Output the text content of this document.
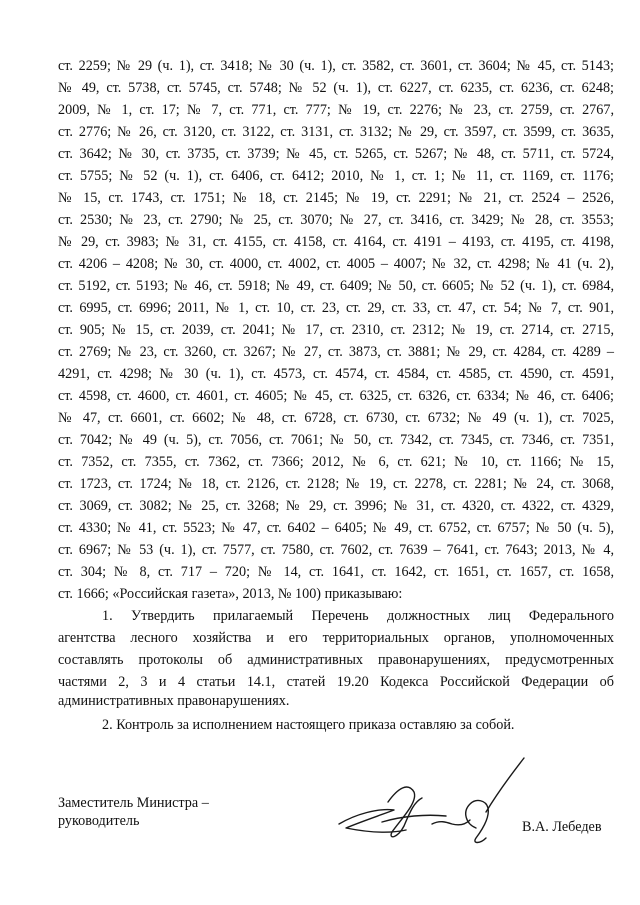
ст. 2259; № 29 (ч. 1), ст. 3418; № 30 (ч. 1), ст. 3582, ст. 3601, ст. 3604; № 45, ст. 5143;
№ 49, ст. 5738, ст. 5745, ст. 5748; № 52 (ч. 1), ст. 6227, ст. 6235, ст. 6236, ст. 6248;
2009, № 1, ст. 17; № 7, ст. 771, ст. 777; № 19, ст. 2276; № 23, ст. 2759, ст. 2767,
ст. 2776; № 26, ст. 3120, ст. 3122, ст. 3131, ст. 3132; № 29, ст. 3597, ст. 3599, ст. 3635,
ст. 3642; № 30, ст. 3735, ст. 3739; № 45, ст. 5265, ст. 5267; № 48, ст. 5711, ст. 5724,
ст. 5755; № 52 (ч. 1), ст. 6406, ст. 6412; 2010, № 1, ст. 1; № 11, ст. 1169, ст. 1176;
№ 15, ст. 1743, ст. 1751; № 18, ст. 2145; № 19, ст. 2291; № 21, ст. 2524 – 2526,
ст. 2530; № 23, ст. 2790; № 25, ст. 3070; № 27, ст. 3416, ст. 3429; № 28, ст. 3553;
№ 29, ст. 3983; № 31, ст. 4155, ст. 4158, ст. 4164, ст. 4191 – 4193, ст. 4195, ст. 4198,
ст. 4206 – 4208; № 30, ст. 4000, ст. 4002, ст. 4005 – 4007; № 32, ст. 4298; № 41 (ч. 2),
ст. 5192, ст. 5193; № 46, ст. 5918; № 49, ст. 6409; № 50, ст. 6605; № 52 (ч. 1), ст. 6984,
ст. 6995, ст. 6996; 2011, № 1, ст. 10, ст. 23, ст. 29, ст. 33, ст. 47, ст. 54; № 7, ст. 901,
ст. 905; № 15, ст. 2039, ст. 2041; № 17, ст. 2310, ст. 2312; № 19, ст. 2714, ст. 2715,
ст. 2769; № 23, ст. 3260, ст. 3267; № 27, ст. 3873, ст. 3881; № 29, ст. 4284, ст. 4289 –
4291, ст. 4298; № 30 (ч. 1), ст. 4573, ст. 4574, ст. 4584, ст. 4585, ст. 4590, ст. 4591,
ст. 4598, ст. 4600, ст. 4601, ст. 4605; № 45, ст. 6325, ст. 6326, ст. 6334; № 46, ст. 6406;
№ 47, ст. 6601, ст. 6602; № 48, ст. 6728, ст. 6730, ст. 6732; № 49 (ч. 1), ст. 7025,
ст. 7042; № 49 (ч. 5), ст. 7056, ст. 7061; № 50, ст. 7342, ст. 7345, ст. 7346, ст. 7351,
ст. 7352, ст. 7355, ст. 7362, ст. 7366; 2012, № 6, ст. 621; № 10, ст. 1166; № 15,
ст. 1723, ст. 1724; № 18, ст. 2126, ст. 2128; № 19, ст. 2278, ст. 2281; № 24, ст. 3068,
ст. 3069, ст. 3082; № 25, ст. 3268; № 29, ст. 3996; № 31, ст. 4320, ст. 4322, ст. 4329,
ст. 4330; № 41, ст. 5523; № 47, ст. 6402 – 6405; № 49, ст. 6752, ст. 6757; № 50 (ч. 5),
ст. 6967; № 53 (ч. 1), ст. 7577, ст. 7580, ст. 7602, ст. 7639 – 7641, ст. 7643; 2013, № 4,
ст. 304; № 8, ст. 717 – 720; № 14, ст. 1641, ст. 1642, ст. 1651, ст. 1657, ст. 1658,
ст. 1666; «Российская газета», 2013, № 100) приказываю:
1. Утвердить прилагаемый Перечень должностных лиц Федерального
агентства лесного хозяйства и его территориальных органов, уполномоченных
составлять протоколы об административных правонарушениях, предусмотренных
частями 2, 3 и 4 статьи 14.1, статей 19.20 Кодекса Российской Федерации об
административных правонарушениях.
2. Контроль за исполнением настоящего приказа оставляю за собой.
Заместитель Министра –
руководитель	В.А. Лебедев
